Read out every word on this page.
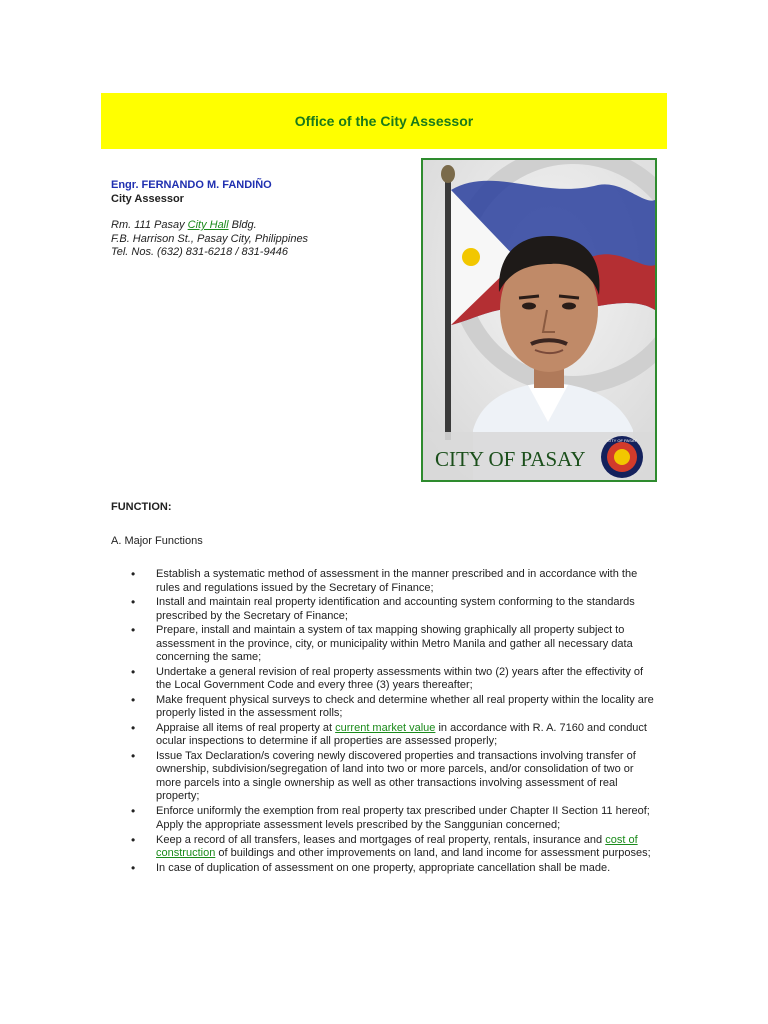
Office of the City Assessor
Engr. FERNANDO M. FANDIÑO
City Assessor
Rm. 111 Pasay City Hall Bldg.
F.B. Harrison St., Pasay City, Philippines
Tel. Nos. (632) 831-6218 / 831-9446
CITY OF PASAY
CITY OF PASAY
FUNCTION:
A. Major Functions
• Establish a systematic method of assessment in the manner prescribed and in accordance with the rules and regulations issued by the Secretary of Finance;
• Install and maintain real property identification and accounting system conforming to the standards prescribed by the Secretary of Finance;
• Prepare, install and maintain a system of tax mapping showing graphically all property subject to assessment in the province, city, or municipality within Metro Manila and gather all necessary data concerning the same;
• Undertake a general revision of real property assessments within two (2) years after the effectivity of the Local Government Code and every three (3) years thereafter;
• Make frequent physical surveys to check and determine whether all real property within the locality are properly listed in the assessment rolls;
• Appraise all items of real property at current market value in accordance with R. A. 7160 and conduct ocular inspections to determine if all properties are assessed properly;
• Issue Tax Declaration/s covering newly discovered properties and transactions involving transfer of ownership, subdivision/segregation of land into two or more parcels, and/or consolidation of two or more parcels into a single ownership as well as other transactions involving assessment of real property;
• Enforce uniformly the exemption from real property tax prescribed under Chapter II Section 11 hereof;
Apply the appropriate assessment levels prescribed by the Sanggunian concerned;
• Keep a record of all transfers, leases and mortgages of real property, rentals, insurance and cost of construction of buildings and other improvements on land, and land income for assessment purposes;
• In case of duplication of assessment on one property, appropriate cancellation shall be made.
